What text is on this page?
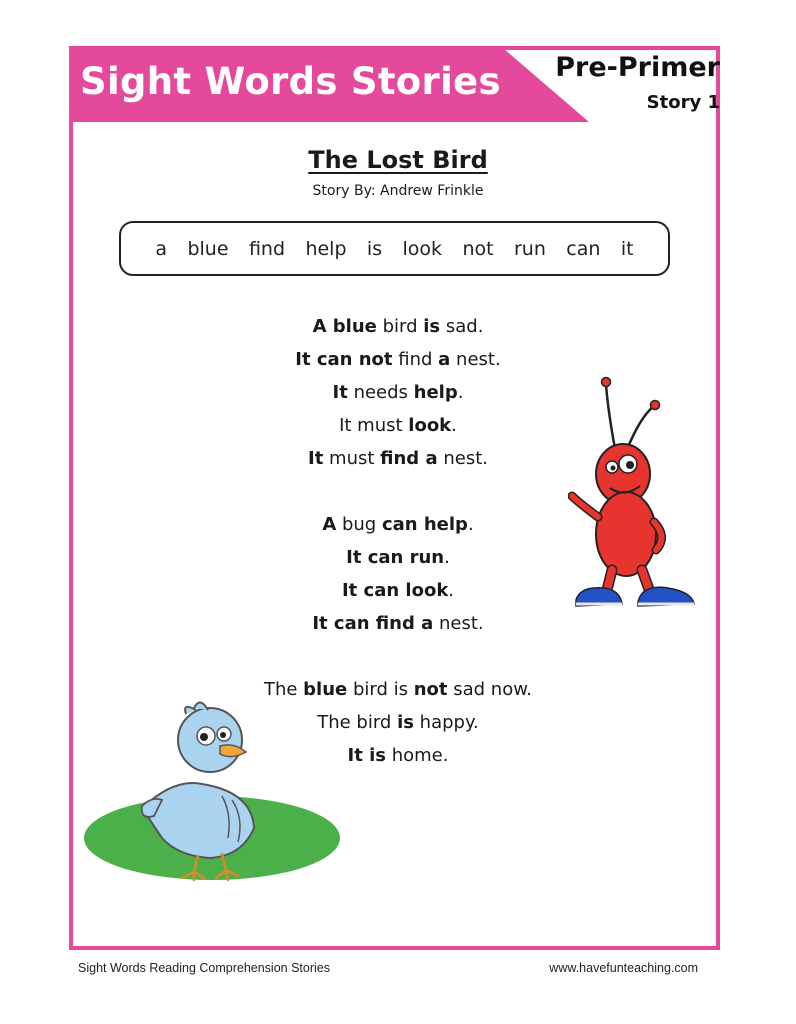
Sight Words Stories Pre-Primer
Story 1
The Lost Bird
Story By: Andrew Frinkle
a blue find help is look not run can it
A blue bird is sad.
It can not find a nest.
It needs help.
It must look.
It must find a nest.
A bug can help.
It can run.
It can look.
It can find a nest.
The blue bird is not sad now.
The bird is happy.
It is home.
Sight Words Reading Comprehension Stories	www.havefunteaching.com
